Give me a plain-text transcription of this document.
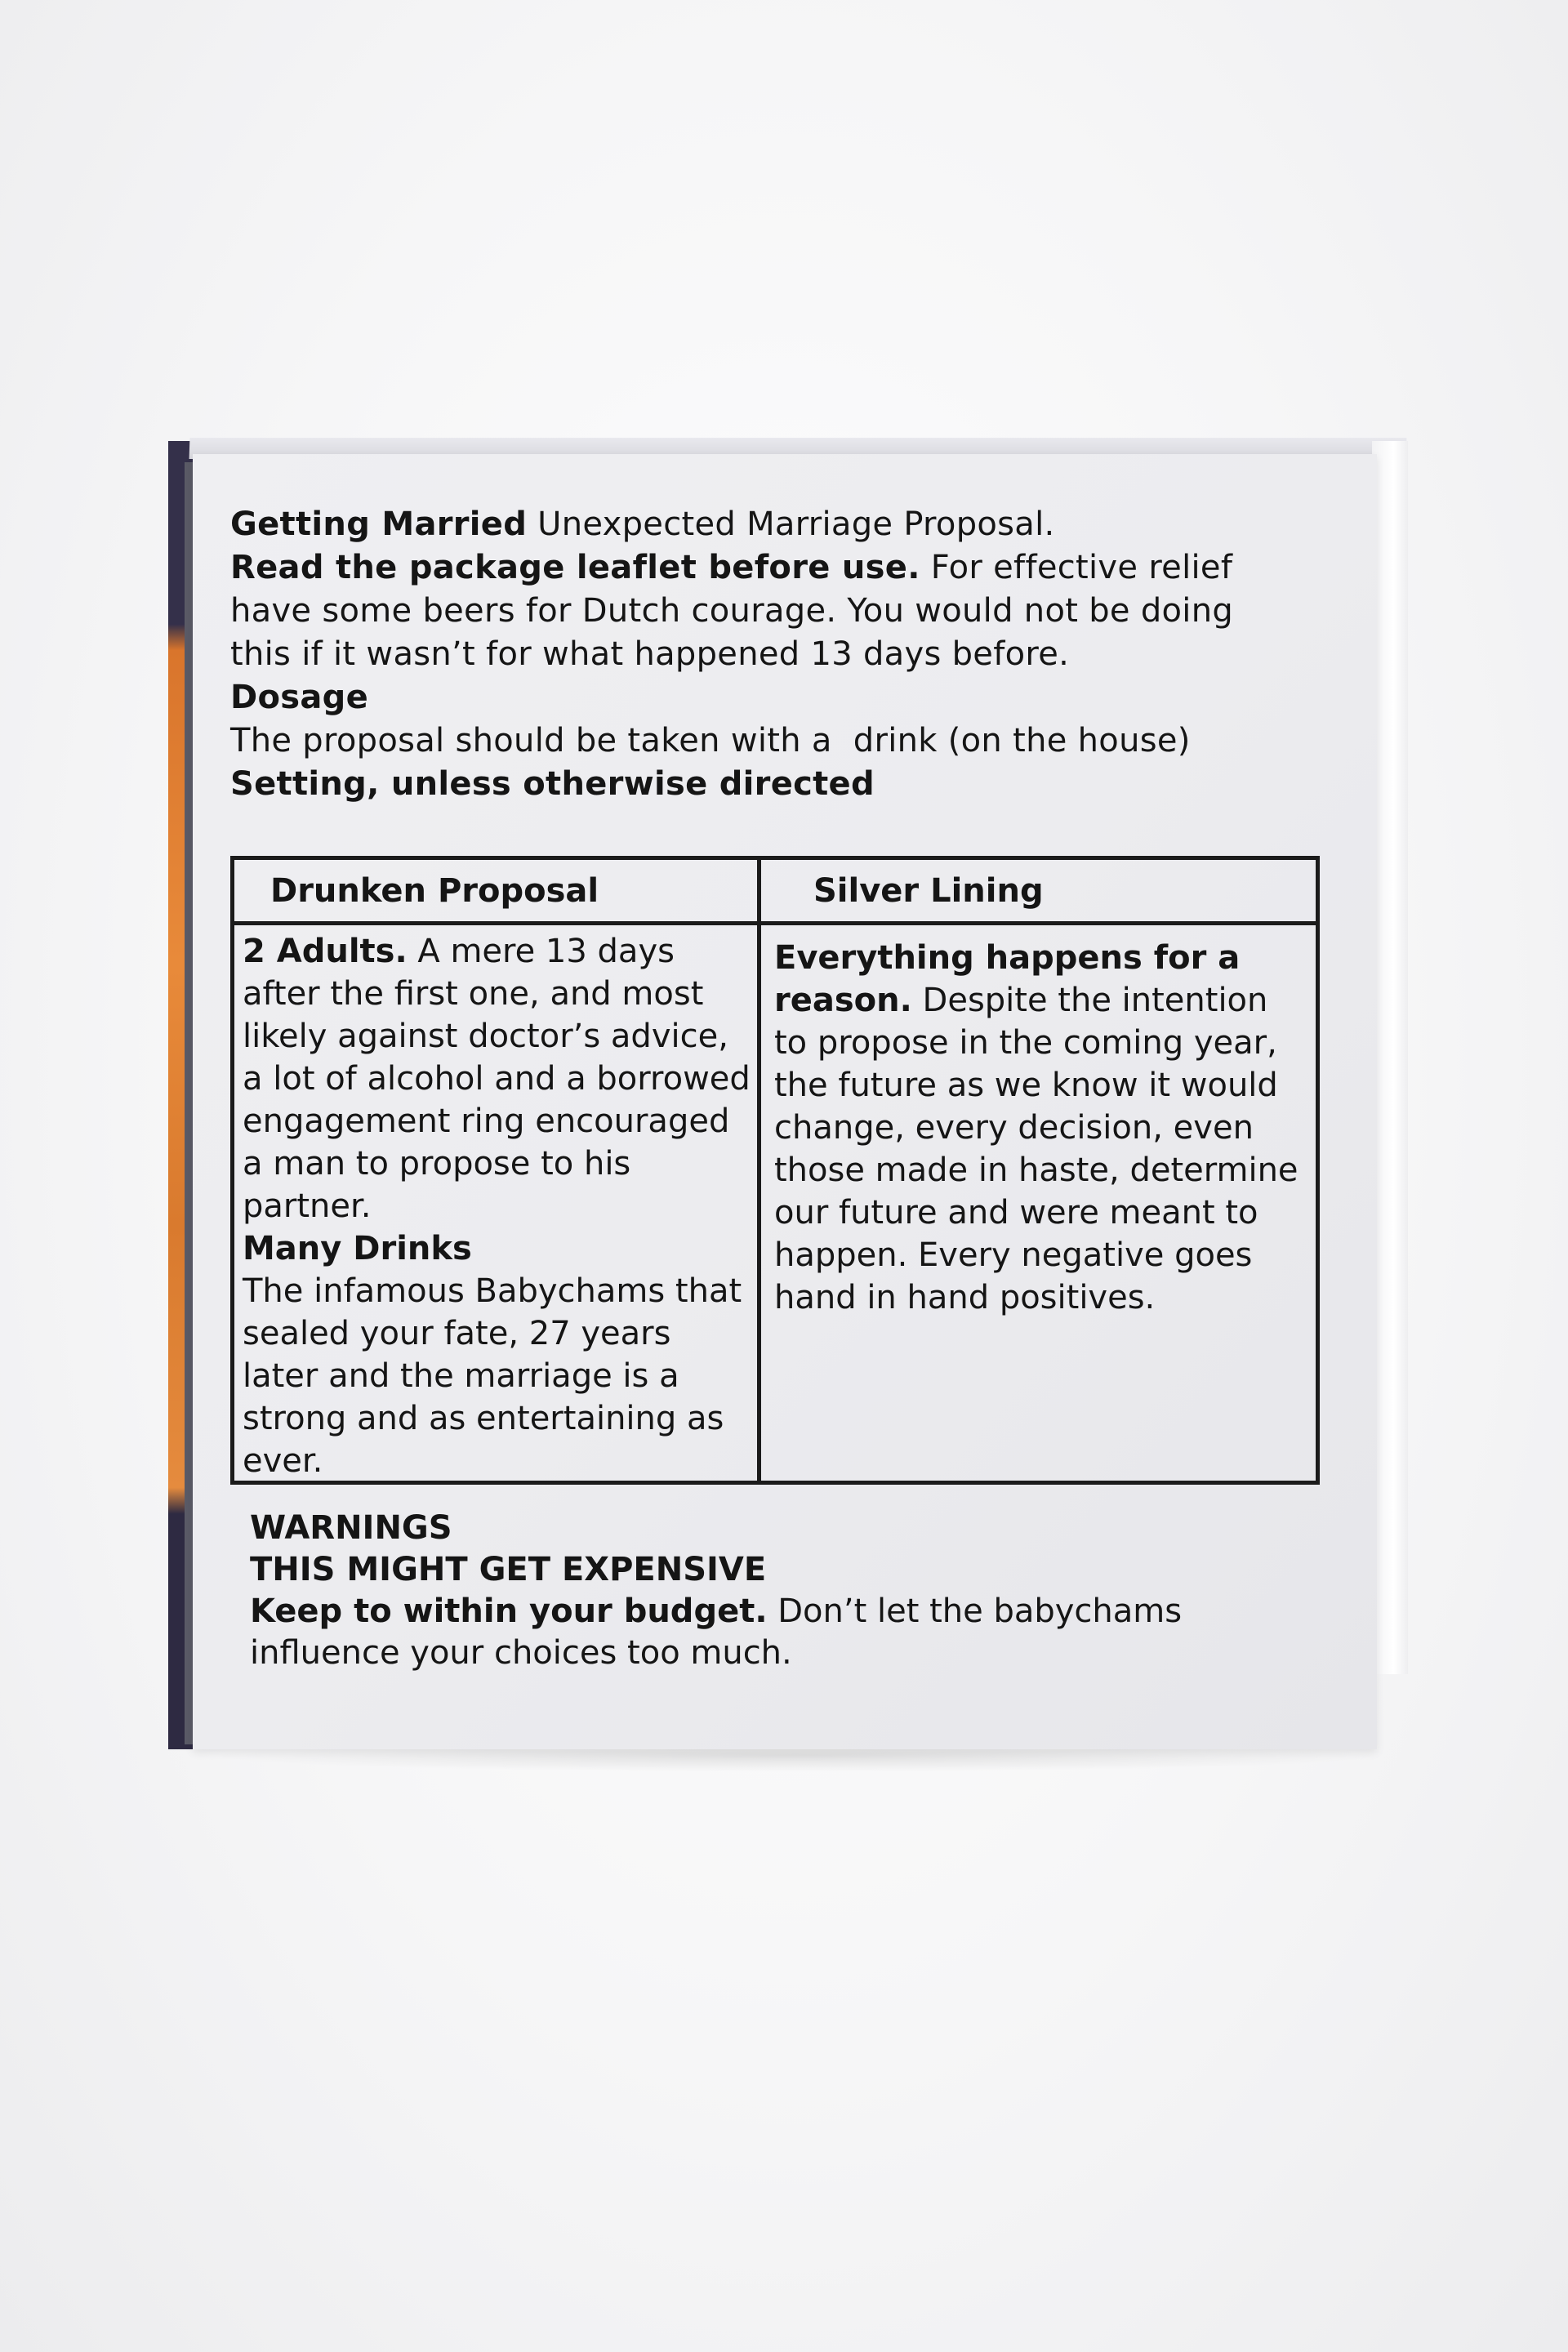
Getting Married Unexpected Marriage Proposal.

Read the package leaflet before use. For effective relief have some beers for Dutch courage. You would not be doing this if it wasn’t for what happened 13 days before.

Dosage

The proposal should be taken with a  drink (on the house)

Setting, unless otherwise directed

Drunken Proposal

2 Adults. A mere 13 days after the first one, and most likely against doctor’s advice, a lot of alcohol and a borrowed engagement ring encouraged a man to propose to his partner.

Many Drinks

The infamous Babychams that sealed your fate, 27 years later and the marriage is a strong and as entertaining as ever.

Silver Lining

Everything happens for a reason. Despite the intention to propose in the coming year, the future as we know it would change, every decision, even those made in haste, determine our future and were meant to happen. Every negative goes hand in hand positives.

WARNINGS

THIS MIGHT GET EXPENSIVE

Keep to within your budget. Don’t let the babychams influence your choices too much.
